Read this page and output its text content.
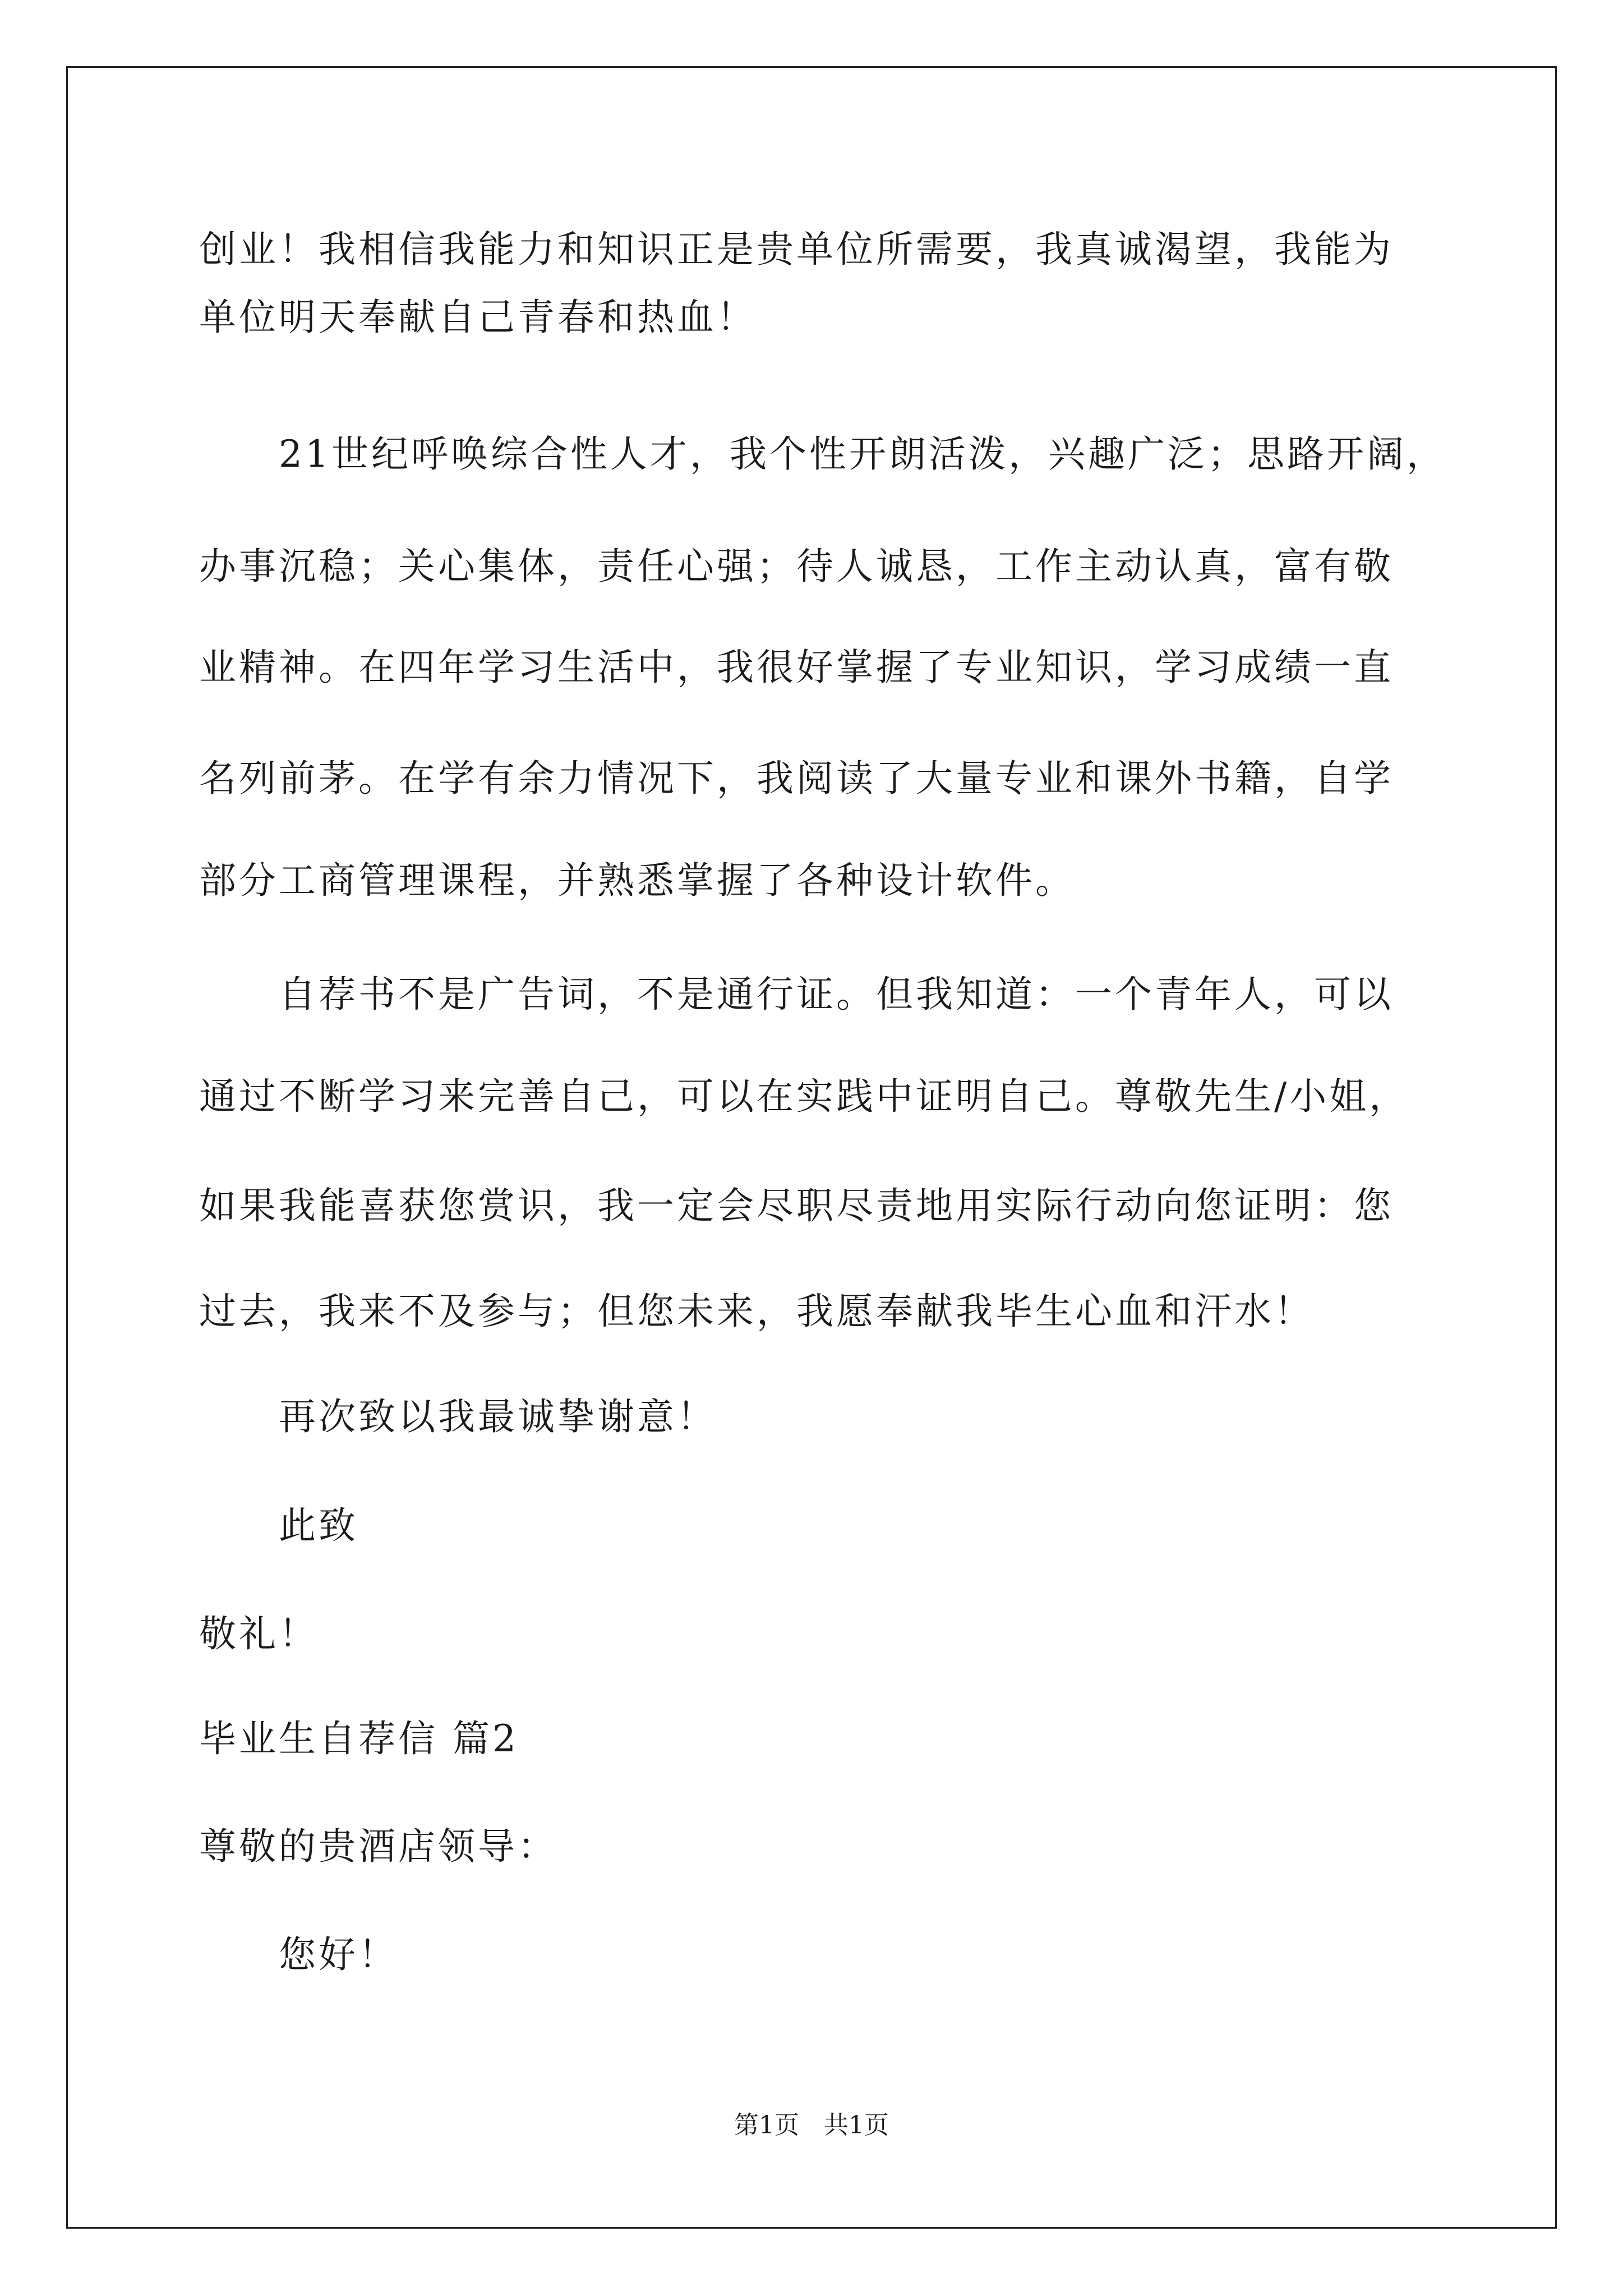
创业！我相信我能力和知识正是贵单位所需要，我真诚渴望，我能为
单位明天奉献自己青春和热血！
21世纪呼唤综合性人才，我个性开朗活泼，兴趣广泛；思路开阔，
办事沉稳；关心集体，责任心强；待人诚恳，工作主动认真，富有敬
业精神。在四年学习生活中，我很好掌握了专业知识，学习成绩一直
名列前茅。在学有余力情况下，我阅读了大量专业和课外书籍，自学
部分工商管理课程，并熟悉掌握了各种设计软件。
自荐书不是广告词，不是通行证。但我知道：一个青年人，可以
通过不断学习来完善自己，可以在实践中证明自己。尊敬先生/小姐，
如果我能喜获您赏识，我一定会尽职尽责地用实际行动向您证明：您
过去，我来不及参与；但您未来，我愿奉献我毕生心血和汗水！
再次致以我最诚挚谢意！
此致
敬礼！
毕业生自荐信 篇2
尊敬的贵酒店领导：
您好！
第1页　共1页
